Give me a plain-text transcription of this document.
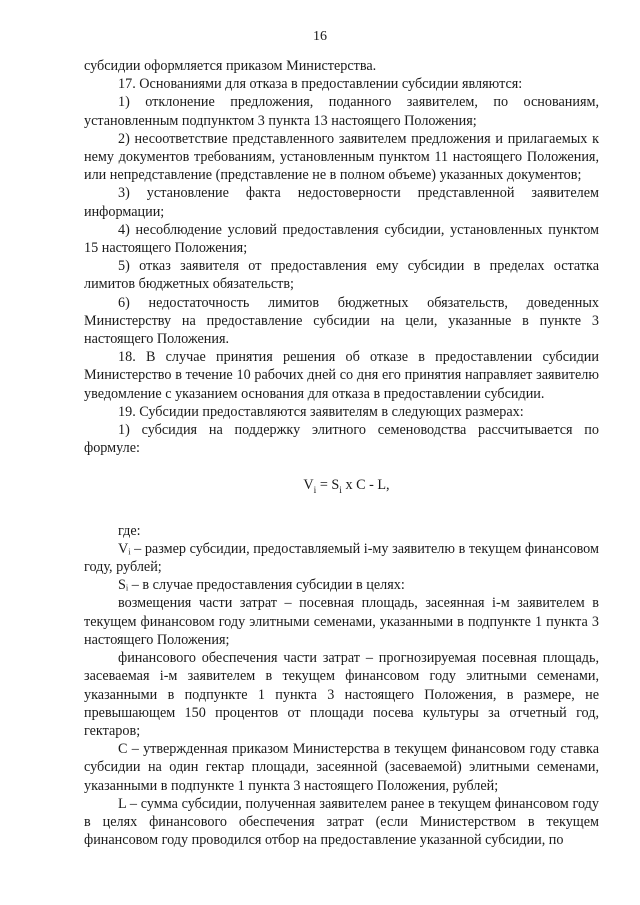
16

субсидии оформляется приказом Министерства.

17. Основаниями для отказа в предоставлении субсидии являются:

1) отклонение предложения, поданного заявителем, по основаниям, установленным подпунктом 3 пункта 13 настоящего Положения;

2) несоответствие представленного заявителем предложения и прилагаемых к нему документов требованиям, установленным пунктом 11 настоящего Положения, или непредставление (представление не в полном объеме) указанных документов;

3) установление факта недостоверности представленной заявителем информации;

4) несоблюдение условий предоставления субсидии, установленных пунктом 15 настоящего Положения;

5) отказ заявителя от предоставления ему субсидии в пределах остатка лимитов бюджетных обязательств;

6) недостаточность лимитов бюджетных обязательств, доведенных Министерству на предоставление субсидии на цели, указанные в пункте 3 настоящего Положения.

18. В случае принятия решения об отказе в предоставлении субсидии Министерство в течение 10 рабочих дней со дня его принятия направляет заявителю уведомление с указанием основания для отказа в предоставлении субсидии.

19. Субсидии предоставляются заявителям в следующих размерах:

1) субсидия на поддержку элитного семеноводства рассчитывается по формуле:

$V_i = S_i$ x C - L,

где:

Vᵢ – размер субсидии, предоставляемый i-му заявителю в текущем финансовом году, рублей;

Sᵢ – в случае предоставления субсидии в целях:

возмещения части затрат – посевная площадь, засеянная i-м заявителем в текущем финансовом году элитными семенами, указанными в подпункте 1 пункта 3 настоящего Положения;

финансового обеспечения части затрат – прогнозируемая посевная площадь, засеваемая i-м заявителем в текущем финансовом году элитными семенами, указанными в подпункте 1 пункта 3 настоящего Положения, в размере, не превышающем 150 процентов от площади посева культуры за отчетный год, гектаров;

C – утвержденная приказом Министерства в текущем финансовом году ставка субсидии на один гектар площади, засеянной (засеваемой) элитными семенами, указанными в подпункте 1 пункта 3 настоящего Положения, рублей;

L – сумма субсидии, полученная заявителем ранее в текущем финансовом году в целях финансового обеспечения затрат (если Министерством в текущем финансовом году проводился отбор на предоставление указанной субсидии, по
